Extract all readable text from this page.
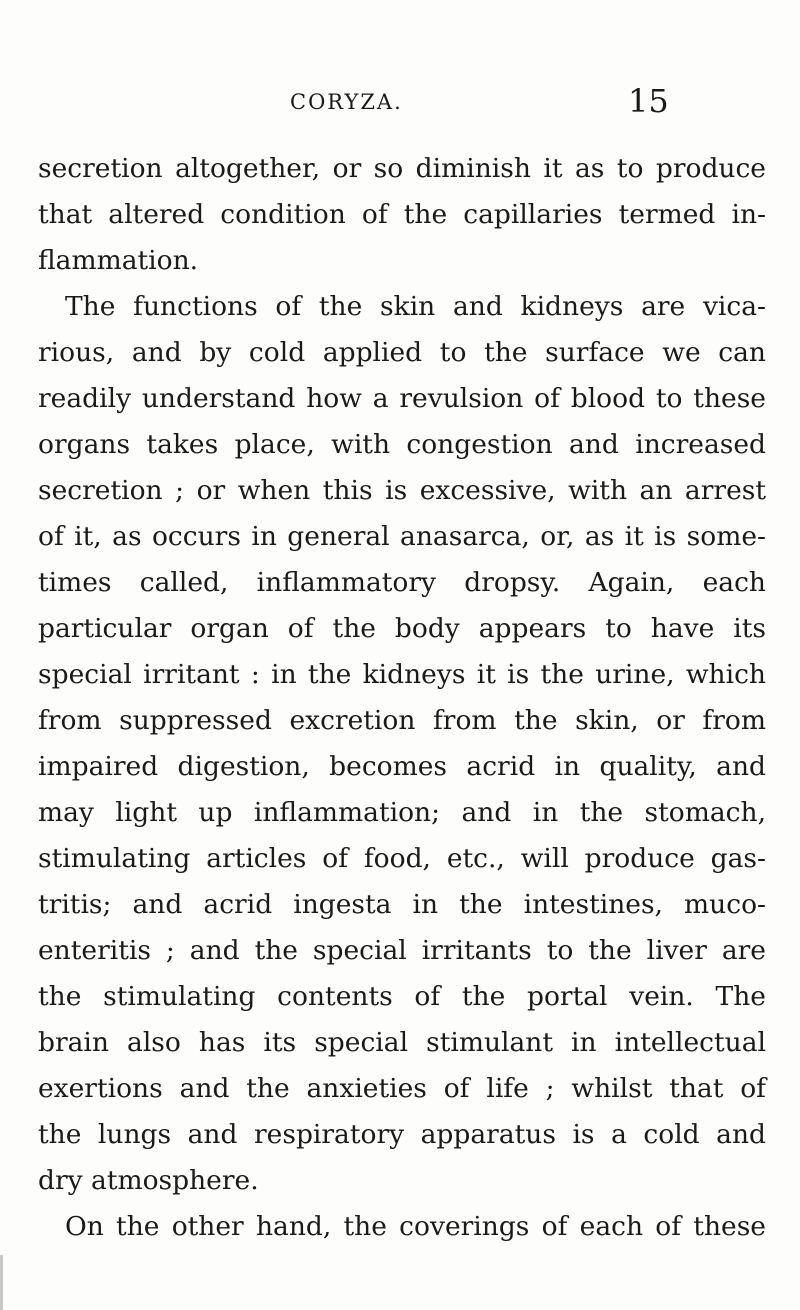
CORYZA.	15
secretion altogether, or so diminish it as to produce
that altered condition of the capillaries termed in-
flammation.
The functions of the skin and kidneys are vica-
rious, and by cold applied to the surface we can
readily understand how a revulsion of blood to these
organs takes place, with congestion and increased
secretion ; or when this is excessive, with an arrest
of it, as occurs in general anasarca, or, as it is some-
times called, inflammatory dropsy. Again, each
particular organ of the body appears to have its
special irritant : in the kidneys it is the urine, which
from suppressed excretion from the skin, or from
impaired digestion, becomes acrid in quality, and
may light up inflammation; and in the stomach,
stimulating articles of food, etc., will produce gas-
tritis; and acrid ingesta in the intestines, muco-
enteritis ; and the special irritants to the liver are
the stimulating contents of the portal vein. The
brain also has its special stimulant in intellectual
exertions and the anxieties of life ; whilst that of
the lungs and respiratory apparatus is a cold and
dry atmosphere.
On the other hand, the coverings of each of these
